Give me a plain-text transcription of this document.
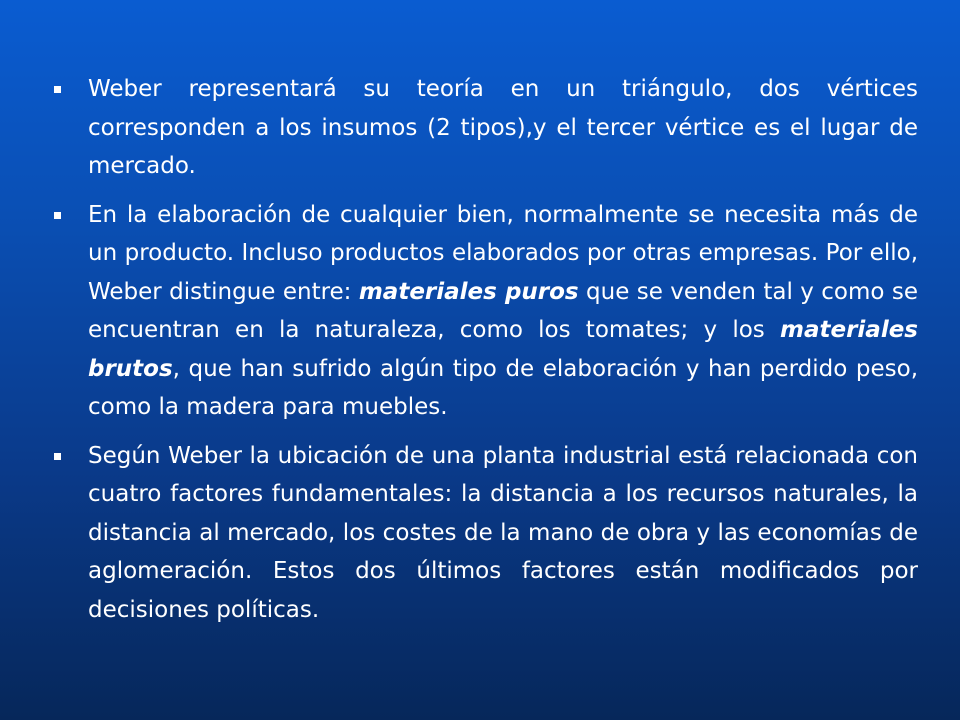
Weber representará su teoría en un triángulo, dos vértices corresponden a los insumos (2 tipos),y el tercer vértice es el lugar de mercado.
En la elaboración de cualquier bien, normalmente se necesita más de un producto. Incluso productos elaborados por otras empresas. Por ello, Weber distingue entre: materiales puros que se venden tal y como se encuentran en la naturaleza, como los tomates; y los materiales brutos, que han sufrido algún tipo de elaboración y han perdido peso, como la madera para muebles.
Según Weber la ubicación de una planta industrial está relacionada con cuatro factores fundamentales: la distancia a los recursos naturales, la distancia al mercado, los costes de la mano de obra y las economías de aglomeración. Estos dos últimos factores están modificados por decisiones políticas.
